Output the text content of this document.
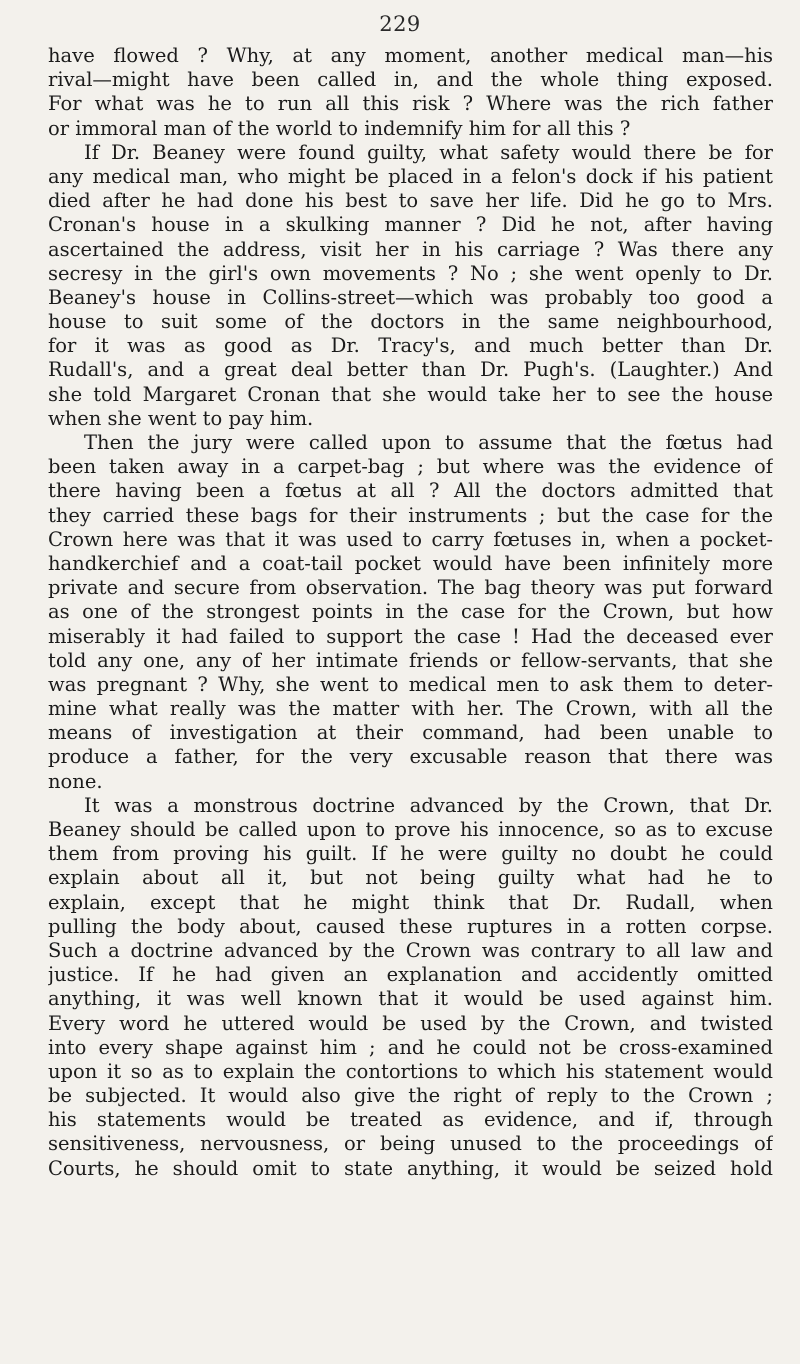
229
have flowed ? Why, at any moment, another medical man—his
rival—might have been called in, and the whole thing exposed.
For what was he to run all this risk ? Where was the rich father
or immoral man of the world to indemnify him for all this ?
If Dr. Beaney were found guilty, what safety would there be for
any medical man, who might be placed in a felon's dock if his patient
died after he had done his best to save her life. Did he go to Mrs.
Cronan's house in a skulking manner ? Did he not, after having
ascertained the address, visit her in his carriage ? Was there any
secresy in the girl's own movements ? No ; she went openly to Dr.
Beaney's house in Collins-street—which was probably too good a
house to suit some of the doctors in the same neighbourhood,
for it was as good as Dr. Tracy's, and much better than Dr.
Rudall's, and a great deal better than Dr. Pugh's. (Laughter.) And
she told Margaret Cronan that she would take her to see the house
when she went to pay him.
Then the jury were called upon to assume that the fœtus had
been taken away in a carpet-bag ; but where was the evidence of
there having been a fœtus at all ? All the doctors admitted that
they carried these bags for their instruments ; but the case for the
Crown here was that it was used to carry fœtuses in, when a pocket-
handkerchief and a coat-tail pocket would have been infinitely more
private and secure from observation. The bag theory was put forward
as one of the strongest points in the case for the Crown, but how
miserably it had failed to support the case ! Had the deceased ever
told any one, any of her intimate friends or fellow-servants, that she
was pregnant ? Why, she went to medical men to ask them to deter-
mine what really was the matter with her. The Crown, with all the
means of investigation at their command, had been unable to
produce a father, for the very excusable reason that there was
none.
It was a monstrous doctrine advanced by the Crown, that Dr.
Beaney should be called upon to prove his innocence, so as to excuse
them from proving his guilt. If he were guilty no doubt he could
explain about all it, but not being guilty what had he to
explain, except that he might think that Dr. Rudall, when
pulling the body about, caused these ruptures in a rotten corpse.
Such a doctrine advanced by the Crown was contrary to all law and
justice. If he had given an explanation and accidently omitted
anything, it was well known that it would be used against him.
Every word he uttered would be used by the Crown, and twisted
into every shape against him ; and he could not be cross-examined
upon it so as to explain the contortions to which his statement would
be subjected. It would also give the right of reply to the Crown ;
his statements would be treated as evidence, and if, through
sensitiveness, nervousness, or being unused to the proceedings of
Courts, he should omit to state anything, it would be seized hold
